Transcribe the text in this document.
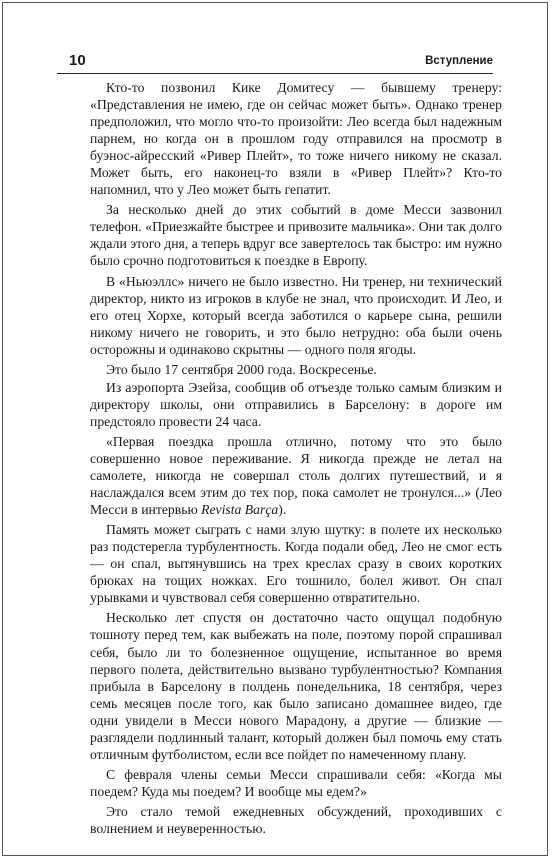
10	Вступление

Кто-то позвонил Кике Домитесу — бывшему тренеру: «Представления не имею, где он сейчас может быть». Однако тренер предположил, что могло что-то произойти: Лео всегда был надежным парнем, но когда он в прошлом году отправился на просмотр в буэнос-айресский «Ривер Плейт», то тоже ничего никому не сказал. Может быть, его наконец-то взяли в «Ривер Плейт»? Кто-то напомнил, что у Лео может быть гепатит.

За несколько дней до этих событий в доме Месси зазвонил телефон. «Приезжайте быстрее и привозите мальчика». Они так долго ждали этого дня, а теперь вдруг все завертелось так быстро: им нужно было срочно подготовиться к поездке в Европу.

В «Ньюэллс» ничего не было известно. Ни тренер, ни технический директор, никто из игроков в клубе не знал, что происходит. И Лео, и его отец Хорхе, который всегда заботился о карьере сына, решили никому ничего не говорить, и это было нетрудно: оба были очень осторожны и одинаково скрытны — одного поля ягоды.

Это было 17 сентября 2000 года. Воскресенье.

Из аэропорта Эзейза, сообщив об отъезде только самым близким и директору школы, они отправились в Барселону: в дороге им предстояло провести 24 часа.

«Первая поездка прошла отлично, потому что это было совершенно новое переживание. Я никогда прежде не летал на самолете, никогда не совершал столь долгих путешествий, и я наслаждался всем этим до тех пор, пока самолет не тронулся...» (Лео Месси в интервью Revista Barça).

Память может сыграть с нами злую шутку: в полете их несколько раз подстерегла турбулентность. Когда подали обед, Лео не смог есть — он спал, вытянувшись на трех креслах сразу в своих коротких брюках на тощих ножках. Его тошнило, болел живот. Он спал урывками и чувствовал себя совершенно отвратительно.

Несколько лет спустя он достаточно часто ощущал подобную тошноту перед тем, как выбежать на поле, поэтому порой спрашивал себя, было ли то болезненное ощущение, испытанное во время первого полета, действительно вызвано турбулентностью? Компания прибыла в Барселону в полдень понедельника, 18 сентября, через семь месяцев после того, как было записано домашнее видео, где одни увидели в Месси нового Марадону, а другие — близкие — разглядели подлинный талант, который должен был помочь ему стать отличным футболистом, если все пойдет по намеченному плану.

С февраля члены семьи Месси спрашивали себя: «Когда мы поедем? Куда мы поедем? И вообще мы едем?»

Это стало темой ежедневных обсуждений, проходивших с волнением и неуверенностью.
